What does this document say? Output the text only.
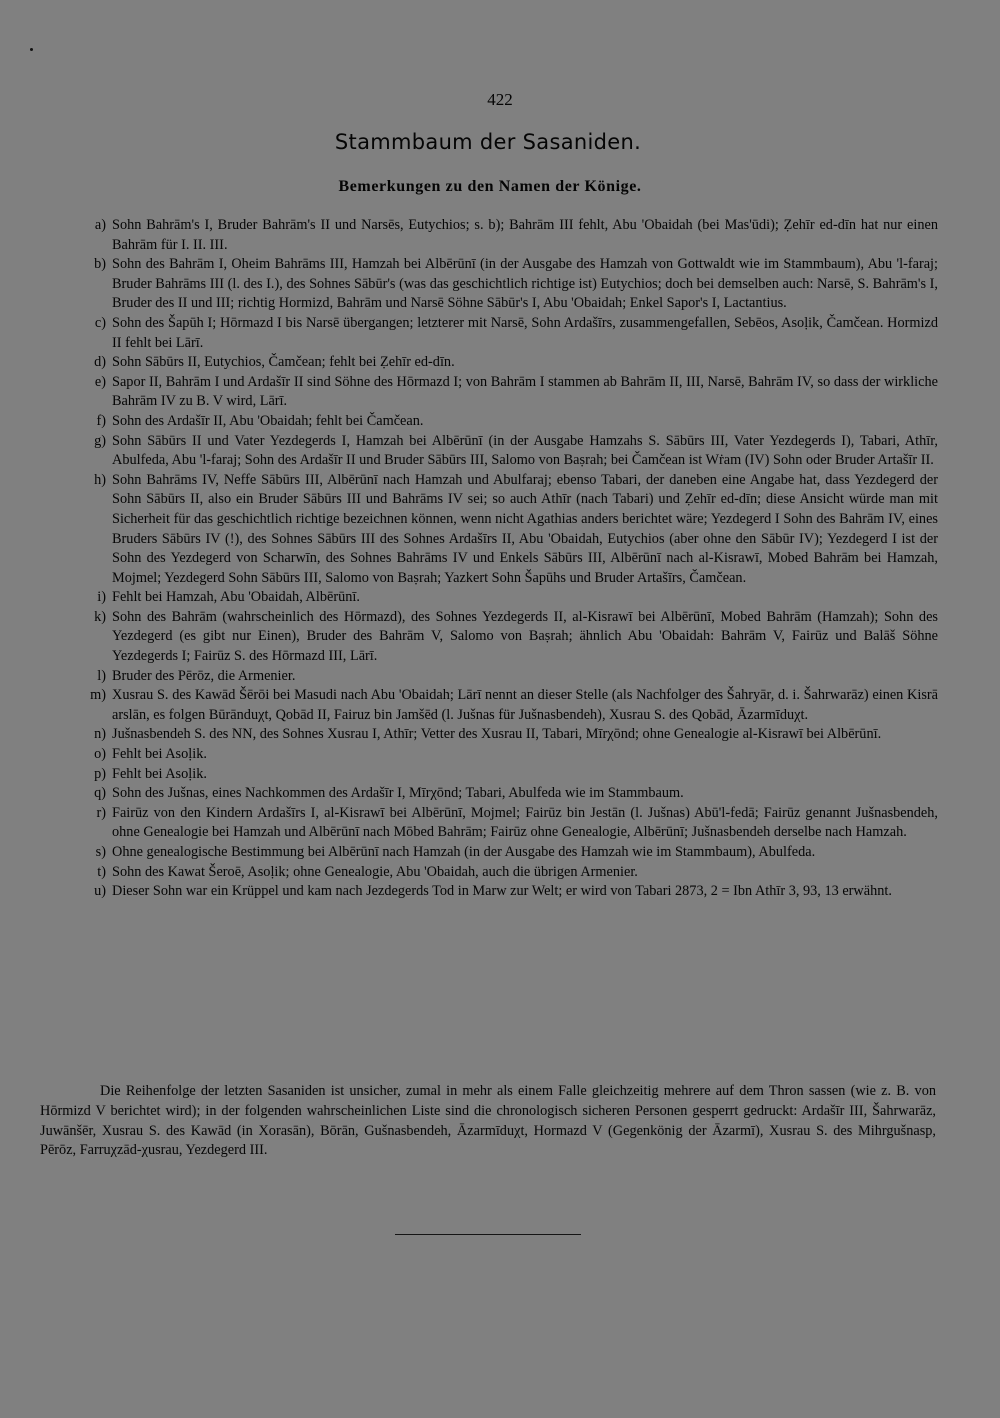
422
Stammbaum der Sasaniden.
Bemerkungen zu den Namen der Könige.

a) Sohn Bahrām's I, Bruder Bahrām's II und Narsēs, Eutychios; s. b); Bahrām III fehlt, Abu 'Obaidah (bei Mas'ūdi); Ẓehīr ed-dīn hat nur einen Bahrām für I. II. III.

b) Sohn des Bahrām I, Oheim Bahrāms III, Hamzah bei Albērūnī (in der Ausgabe des Hamzah von Gottwaldt wie im Stammbaum), Abu 'l-faraj; Bruder Bahrāms III (l. des I.), des Sohnes Sābūr's (was das geschichtlich richtige ist) Eutychios; doch bei demselben auch: Narsē, S. Bahrām's I, Bruder des II und III; richtig Hormizd, Bahrām und Narsē Söhne Sābūr's I, Abu 'Obaidah; Enkel Sapor's I, Lactantius.

c) Sohn des Šapūh I; Hōrmazd I bis Narsē übergangen; letzterer mit Narsē, Sohn Ardašīrs, zusammengefallen, Sebēos, Asoḷik, Čamčean. Hormizd II fehlt bei Lārī.

d) Sohn Sābūrs II, Eutychios, Čamčean; fehlt bei Ẓehīr ed-dīn.

e) Sapor II, Bahrām I und Ardašīr II sind Söhne des Hōrmazd I; von Bahrām I stammen ab Bahrām II, III, Narsē, Bahrām IV, so dass der wirkliche Bahrām IV zu B. V wird, Lārī.

f) Sohn des Ardašīr II, Abu 'Obaidah; fehlt bei Čamčean.

g) Sohn Sābūrs II und Vater Yezdegerds I, Hamzah bei Albērūnī (in der Ausgabe Hamzahs S. Sābūrs III, Vater Yezdegerds I), Tabari, Athīr, Abulfeda, Abu 'l-faraj; Sohn des Ardašīr II und Bruder Sābūrs III, Salomo von Baṣrah; bei Čamčean ist Wṙam (IV) Sohn oder Bruder Artašīr II.

h) Sohn Bahrāms IV, Neffe Sābūrs III, Albērūnī nach Hamzah und Abulfaraj; ebenso Tabari, der daneben eine Angabe hat, dass Yezdegerd der Sohn Sābūrs II, also ein Bruder Sābūrs III und Bahrāms IV sei; so auch Athīr (nach Tabari) und Ẓehīr ed-dīn; diese Ansicht würde man mit Sicherheit für das geschichtlich richtige bezeichnen können, wenn nicht Agathias anders berichtet wäre; Yezdegerd I Sohn des Bahrām IV, eines Bruders Sābūrs IV (!), des Sohnes Sābūrs III des Sohnes Ardašīrs II, Abu 'Obaidah, Eutychios (aber ohne den Sābūr IV); Yezdegerd I ist der Sohn des Yezdegerd von Scharwīn, des Sohnes Bahrāms IV und Enkels Sābūrs III, Albērūnī nach al-Kisrawī, Mobed Bahrām bei Hamzah, Mojmel; Yezdegerd Sohn Sābūrs III, Salomo von Baṣrah; Yazkert Sohn Šapūhs und Bruder Artašīrs, Čamčean.

i) Fehlt bei Hamzah, Abu 'Obaidah, Albērūnī.

k) Sohn des Bahrām (wahrscheinlich des Hōrmazd), des Sohnes Yezdegerds II, al-Kisrawī bei Albērūnī, Mobed Bahrām (Hamzah); Sohn des Yezdegerd (es gibt nur Einen), Bruder des Bahrām V, Salomo von Baṣrah; ähnlich Abu 'Obaidah: Bahrām V, Fairūz und Balāš Söhne Yezdegerds I; Fairūz S. des Hōrmazd III, Lārī.

l) Bruder des Pērōz, die Armenier.

m) Xusrau S. des Kawād Šērōi bei Masudi nach Abu 'Obaidah; Lārī nennt an dieser Stelle (als Nachfolger des Šahryār, d. i. Šahrwarāz) einen Kisrā arslān, es folgen Būrānduχt, Qobād II, Fairuz bin Jamšēd (l. Jušnas für Jušnasbendeh), Xusrau S. des Qobād, Āzarmīduχt.

n) Jušnasbendeh S. des NN, des Sohnes Xusrau I, Athīr; Vetter des Xusrau II, Tabari, Mīrχōnd; ohne Genealogie al-Kisrawī bei Albērūnī.

o) Fehlt bei Asoḷik.

p) Fehlt bei Asoḷik.

q) Sohn des Jušnas, eines Nachkommen des Ardašīr I, Mīrχōnd; Tabari, Abulfeda wie im Stammbaum.

r) Fairūz von den Kindern Ardašīrs I, al-Kisrawī bei Albērūnī, Mojmel; Fairūz bin Jestān (l. Jušnas) Abū'l-fedā; Fairūz genannt Jušnasbendeh, ohne Genealogie bei Hamzah und Albērūnī nach Mōbed Bahrām; Fairūz ohne Genealogie, Albērūnī; Jušnasbendeh derselbe nach Hamzah.

s) Ohne genealogische Bestimmung bei Albērūnī nach Hamzah (in der Ausgabe des Hamzah wie im Stammbaum), Abulfeda.

t) Sohn des Kawat Šeroē, Asoḷik; ohne Genealogie, Abu 'Obaidah, auch die übrigen Armenier.

u) Dieser Sohn war ein Krüppel und kam nach Jezdegerds Tod in Marw zur Welt; er wird von Tabari 2873, 2 = Ibn Athīr 3, 93, 13 erwähnt.

Die Reihenfolge der letzten Sasaniden ist unsicher, zumal in mehr als einem Falle gleichzeitig mehrere auf dem Thron sassen (wie z. B. von Hōrmizd V berichtet wird); in der folgenden wahrscheinlichen Liste sind die chronologisch sicheren Personen gesperrt gedruckt: Ardašīr III, Šahrwarāz, Juwānšēr, Xusrau S. des Kawād (in Xorasān), Bōrān, Gušnasbendeh, Āzarmīduχt, Hormazd V (Gegenkönig der Āzarmī), Xusrau S. des Mihrgušnasp, Pērōz, Farruχzād-χusrau, Yezdegerd III.
